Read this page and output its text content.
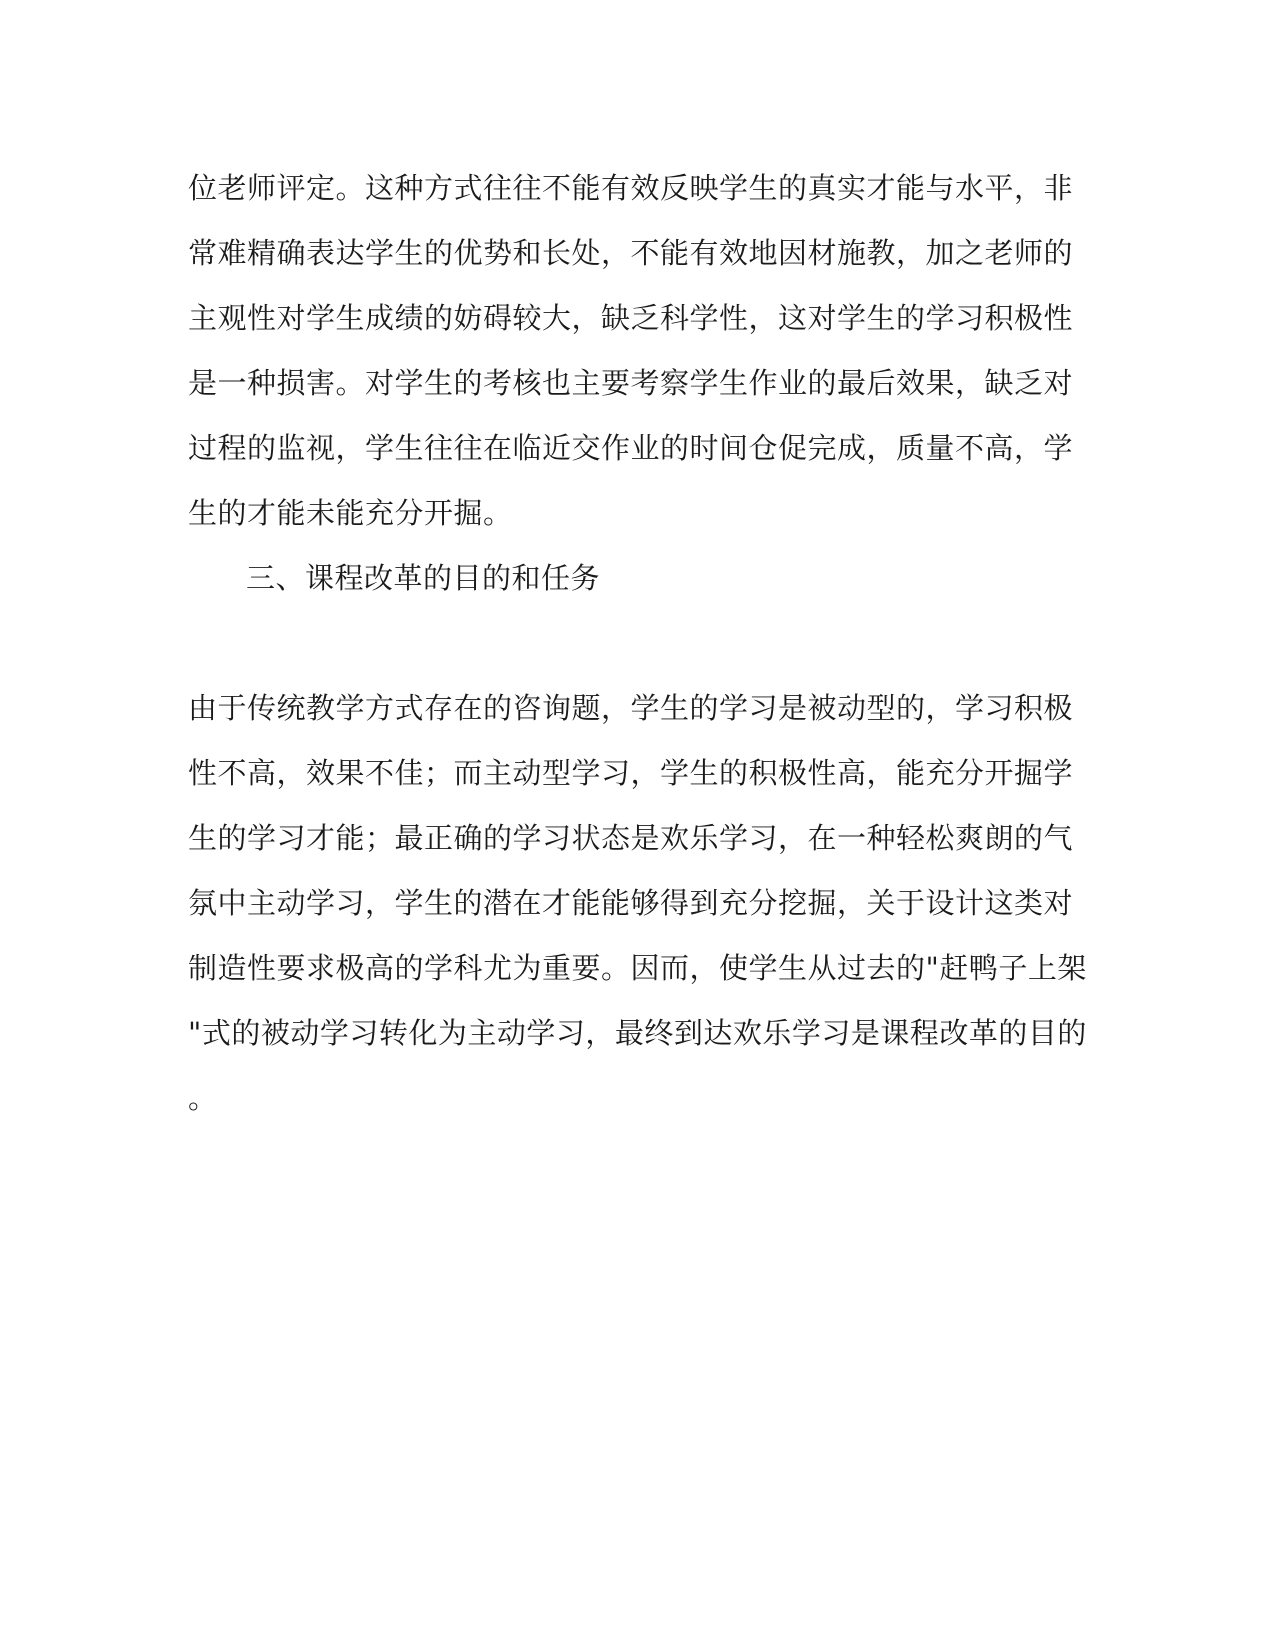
位老师评定。这种方式往往不能有效反映学生的真实才能与水平，非
常难精确表达学生的优势和长处，不能有效地因材施教，加之老师的
主观性对学生成绩的妨碍较大，缺乏科学性，这对学生的学习积极性
是一种损害。对学生的考核也主要考察学生作业的最后效果，缺乏对
过程的监视，学生往往在临近交作业的时间仓促完成，质量不高，学
生的才能未能充分开掘。
三、课程改革的目的和任务
由于传统教学方式存在的咨询题，学生的学习是被动型的，学习积极
性不高，效果不佳；而主动型学习，学生的积极性高，能充分开掘学
生的学习才能；最正确的学习状态是欢乐学习，在一种轻松爽朗的气
氛中主动学习，学生的潜在才能能够得到充分挖掘，关于设计这类对
制造性要求极高的学科尤为重要。因而，使学生从过去的"赶鸭子上架
"式的被动学习转化为主动学习，最终到达欢乐学习是课程改革的目的
。
